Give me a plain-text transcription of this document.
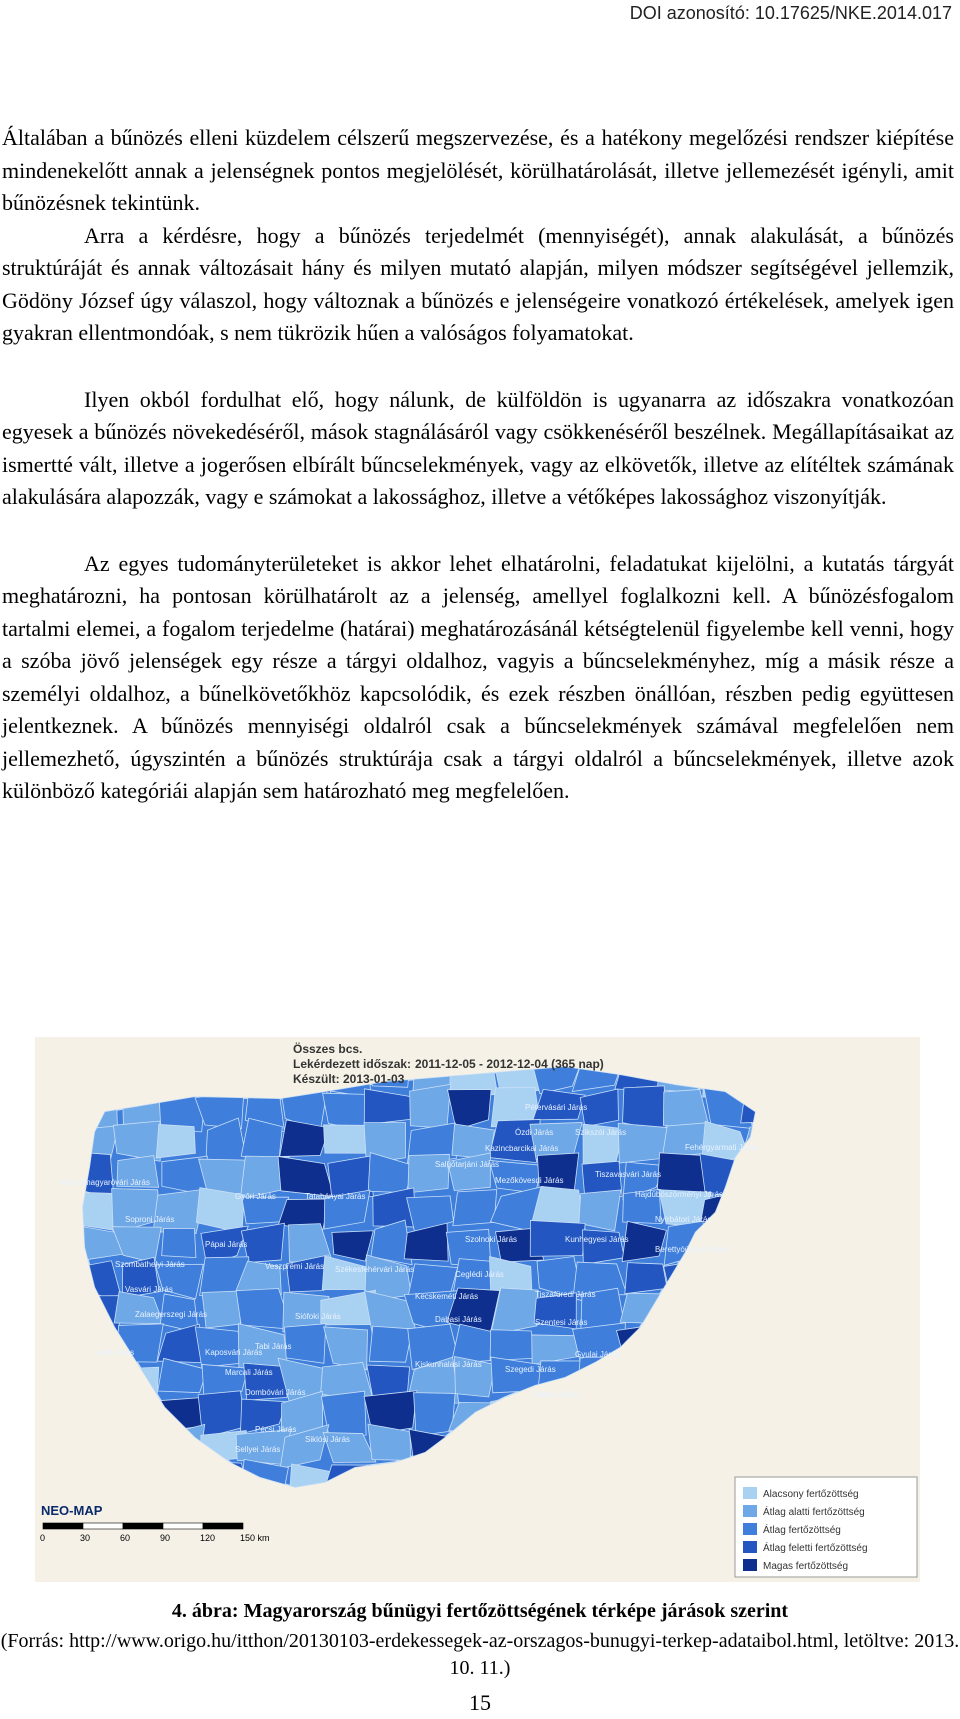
DOI azonosító: 10.17625/NKE.2014.017

Általában a bűnözés elleni küzdelem célszerű megszervezése, és a hatékony megelőzési rendszer kiépítése mindenekelőtt annak a jelenségnek pontos megjelölését, körülhatárolását, illetve jellemezését igényli, amit bűnözésnek tekintünk.

Arra a kérdésre, hogy a bűnözés terjedelmét (mennyiségét), annak alakulását, a bűnözés struktúráját és annak változásait hány és milyen mutató alapján, milyen módszer segítségével jellemzik, Gödöny József úgy válaszol, hogy változnak a bűnözés e jelenségeire vonatkozó értékelések, amelyek igen gyakran ellentmondóak, s nem tükrözik hűen a valóságos folyamatokat.

Ilyen okból fordulhat elő, hogy nálunk, de külföldön is ugyanarra az időszakra vonatkozóan egyesek a bűnözés növekedéséről, mások stagnálásáról vagy csökkenéséről beszélnek. Megállapításaikat az ismertté vált, illetve a jogerősen elbírált bűncselekmények, vagy az elkövetők, illetve az elítéltek számának alakulására alapozzák, vagy e számokat a lakossághoz, illetve a vétőképes lakossághoz viszonyítják.

Az egyes tudományterületeket is akkor lehet elhatárolni, feladatukat kijelölni, a kutatás tárgyát meghatározni, ha pontosan körülhatárolt az a jelenség, amellyel foglalkozni kell. A bűnözésfogalom tartalmi elemei, a fogalom terjedelme (határai) meghatározásánál kétségtelenül figyelembe kell venni, hogy a szóba jövő jelenségek egy része a tárgyi oldalhoz, vagyis a bűncselekményhez, míg a másik része a személyi oldalhoz, a bűnelkövetőkhöz kapcsolódik, és ezek részben önállóan, részben pedig együttesen jelentkeznek. A bűnözés mennyiségi oldalról csak a bűncselekmények számával megfelelően nem jellemezhető, úgyszintén a bűnözés struktúrája csak a tárgyi oldalról a bűncselekmények, illetve azok különböző kategóriái alapján sem határozható meg megfelelően.

Pétervásári Járás
Ózdi Járás	Szikszói Járás
Kazincbarcikai Járás	Fehérgyarmati Járás
Salgótarjáni Járás
Tiszavasvári Járás
Mosonmagyaróvári Járás	Mezőkövesdi Járás
Hajdúböszörményi Járás
Győri Járás	Tatabányai Járás
Soproni Járás	Nyírbátori Járás
Pápai Járás
Szolnoki Járás	Kunhegyesi Járás
Berettyóújfalui Járás
Szombathelyi Járás	Veszprémi Járás Székesfehérvári Járás
Ceglédi Járás
Vasvári Járás
Kecskeméti Járás
Zalaegerszegi Járás	Siófoki Járás
Szentesi Járás
Lenti Járás	Kaposvári Járás
Tabi Járás
Kiskunhalasi Járás
Marcali Járás	Szegedi Járás
Gyulai Járás
Dombóvári Járás
Pécsi Járás
Siklósi Járás
Sellyei Járás
Tiszafüredi Járás
Dabasi Járás
Makói Járás
Összes bcs.
Lekérdezett időszak: 2011-12-05 - 2012-12-04 (365 nap)
Készült: 2013-01-03
Alacsony fertőzöttség
Átlag alatti fertőzöttség
Átlag fertőzöttség
Átlag feletti fertőzöttség
Magas fertőzöttség
NEO-MAP
0	30	60	90	120	150 km
4. ábra: Magyarország bűnügyi fertőzöttségének térképe járások szerint
(Forrás: http://www.origo.hu/itthon/20130103-erdekessegek-az-orszagos-bunugyi-terkep-adataibol.html, letöltve: 2013. 10. 11.)
15
